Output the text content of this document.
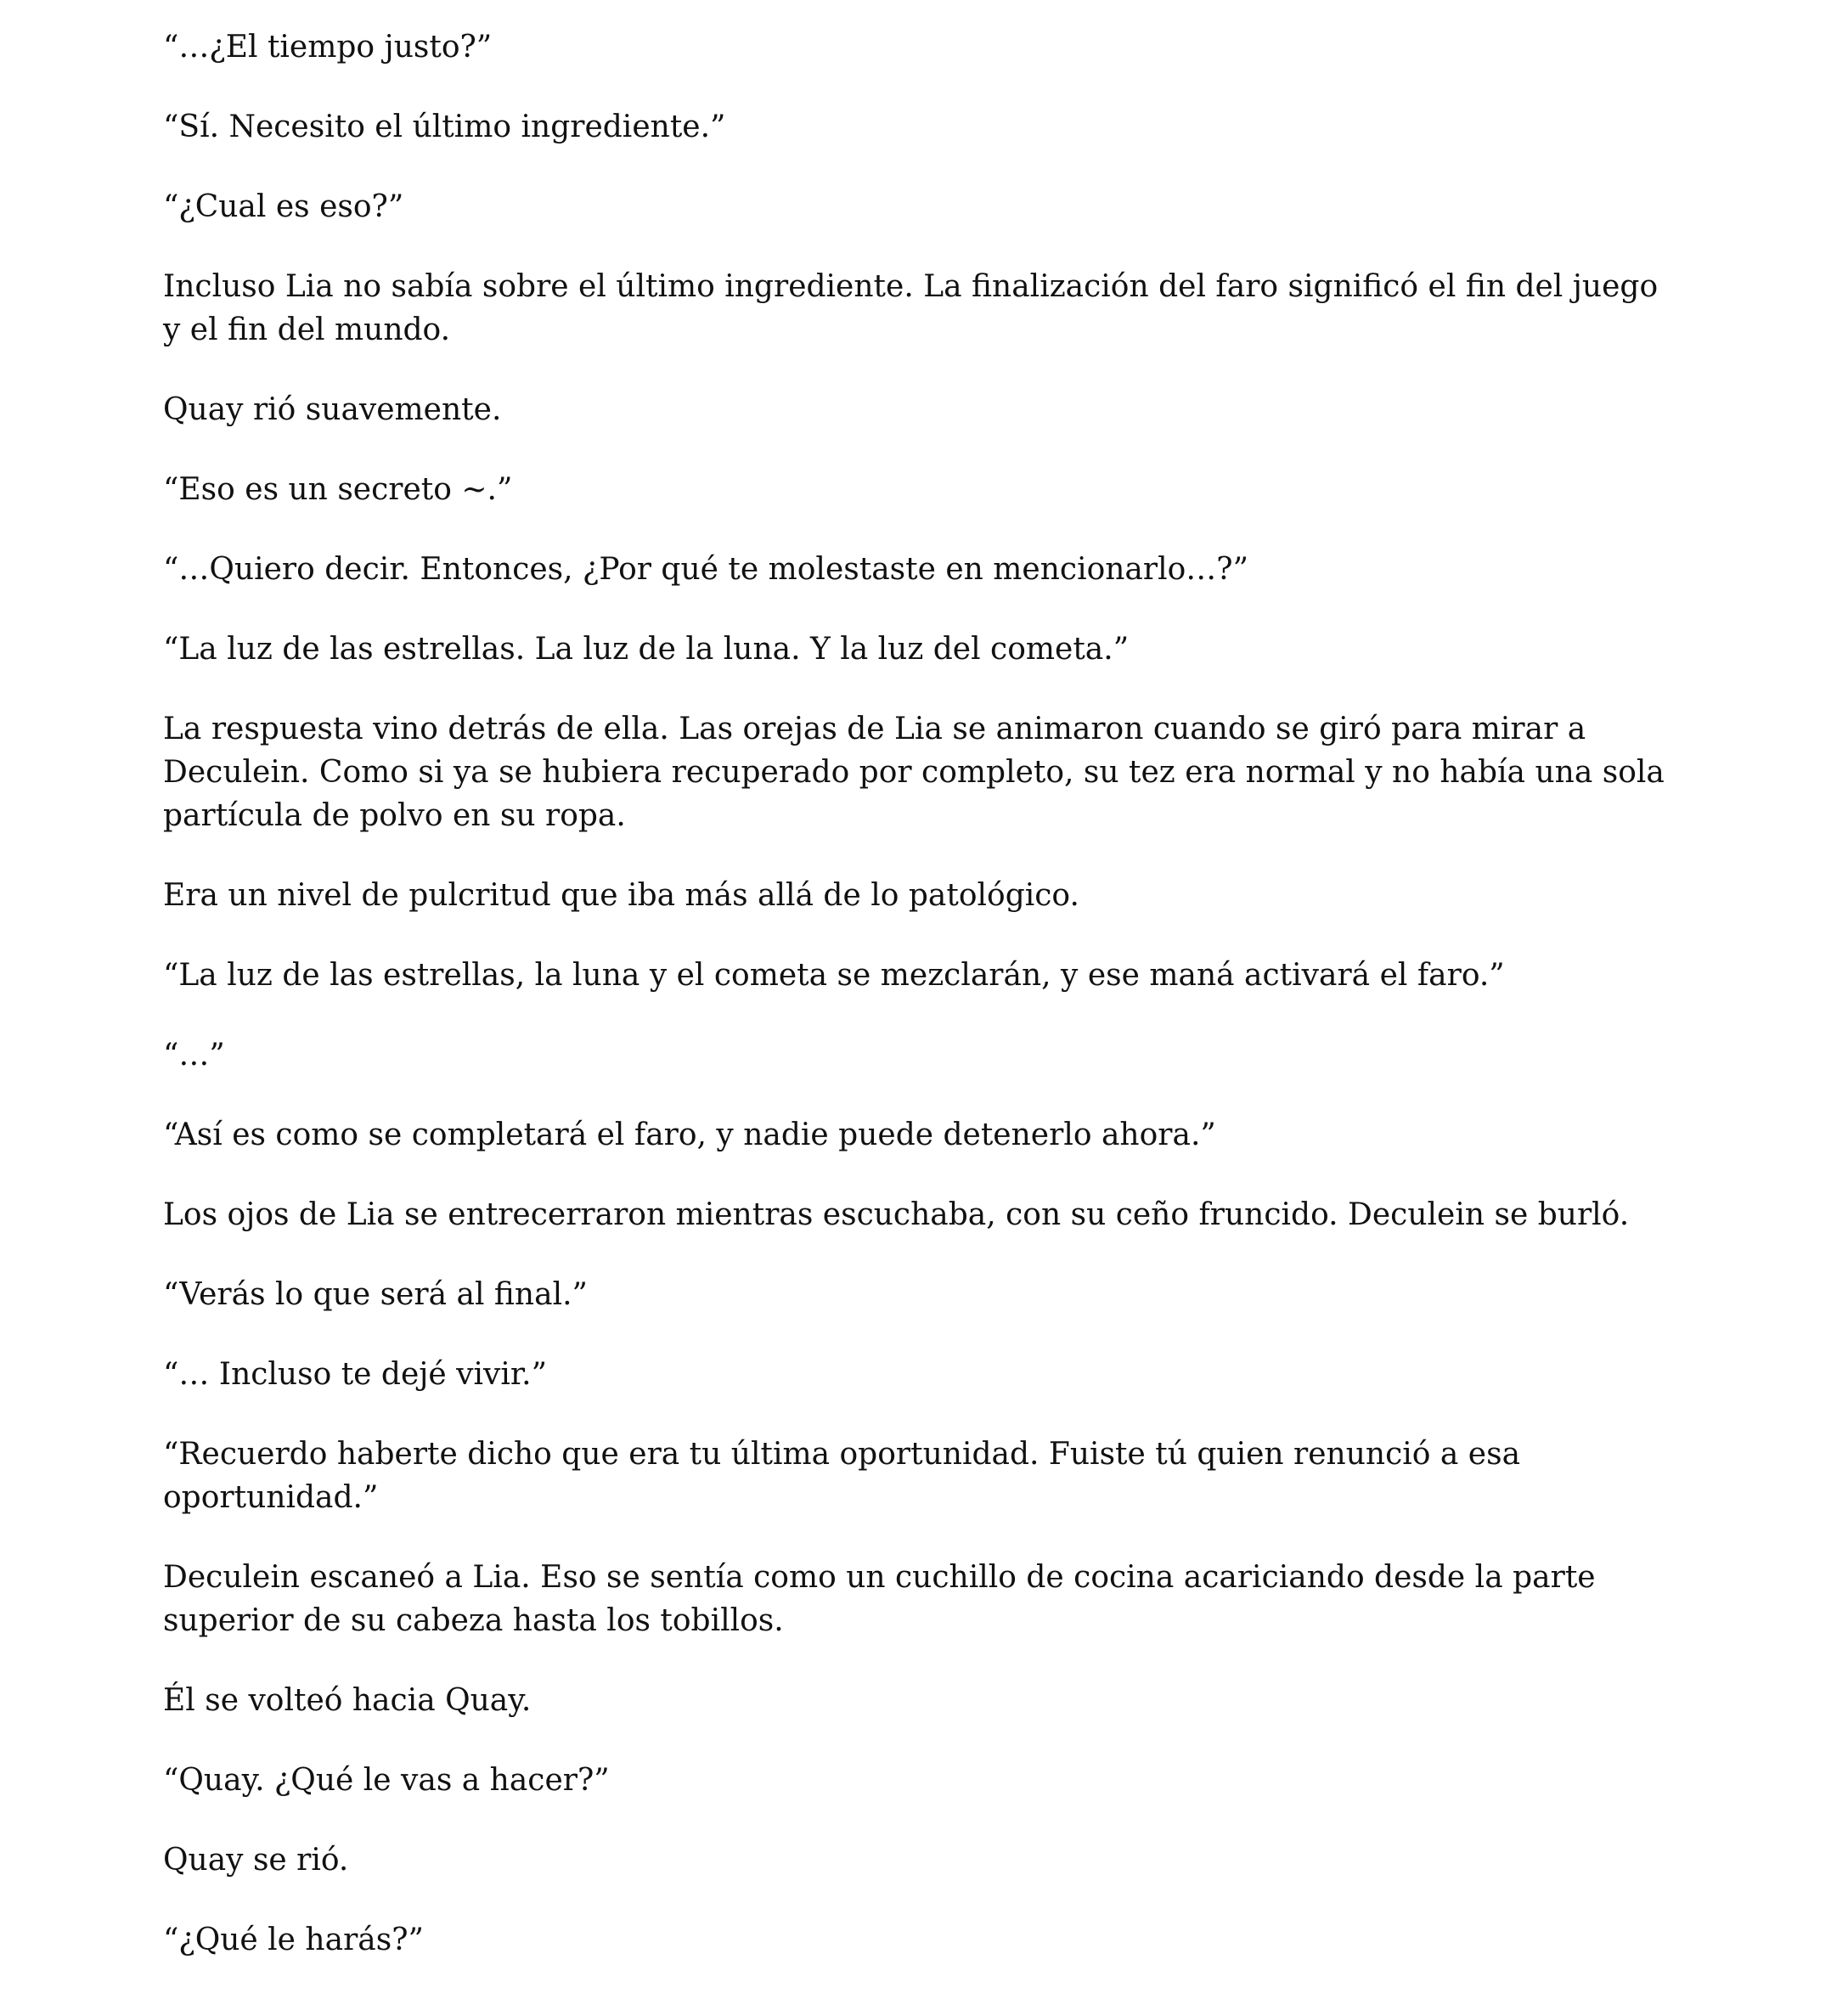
“…¿El tiempo justo?”

“Sí. Necesito el último ingrediente.”

“¿Cual es eso?”

Incluso Lia no sabía sobre el último ingrediente. La finalización del faro significó el fin del juego y el fin del mundo.

Quay rió suavemente.

“Eso es un secreto ~.”

“…Quiero decir. Entonces, ¿Por qué te molestaste en mencionarlo…?”

“La luz de las estrellas. La luz de la luna. Y la luz del cometa.”

La respuesta vino detrás de ella. Las orejas de Lia se animaron cuando se giró para mirar a Deculein. Como si ya se hubiera recuperado por completo, su tez era normal y no había una sola partícula de polvo en su ropa.

Era un nivel de pulcritud que iba más allá de lo patológico.

“La luz de las estrellas, la luna y el cometa se mezclarán, y ese maná activará el faro.”

“…”

“Así es como se completará el faro, y nadie puede detenerlo ahora.”

Los ojos de Lia se entrecerraron mientras escuchaba, con su ceño fruncido. Deculein se burló.

“Verás lo que será al final.”

“… Incluso te dejé vivir.”

“Recuerdo haberte dicho que era tu última oportunidad. Fuiste tú quien renunció a esa oportunidad.”

Deculein escaneó a Lia. Eso se sentía como un cuchillo de cocina acariciando desde la parte superior de su cabeza hasta los tobillos.

Él se volteó hacia Quay.

“Quay. ¿Qué le vas a hacer?”

Quay se rió.

“¿Qué le harás?”
